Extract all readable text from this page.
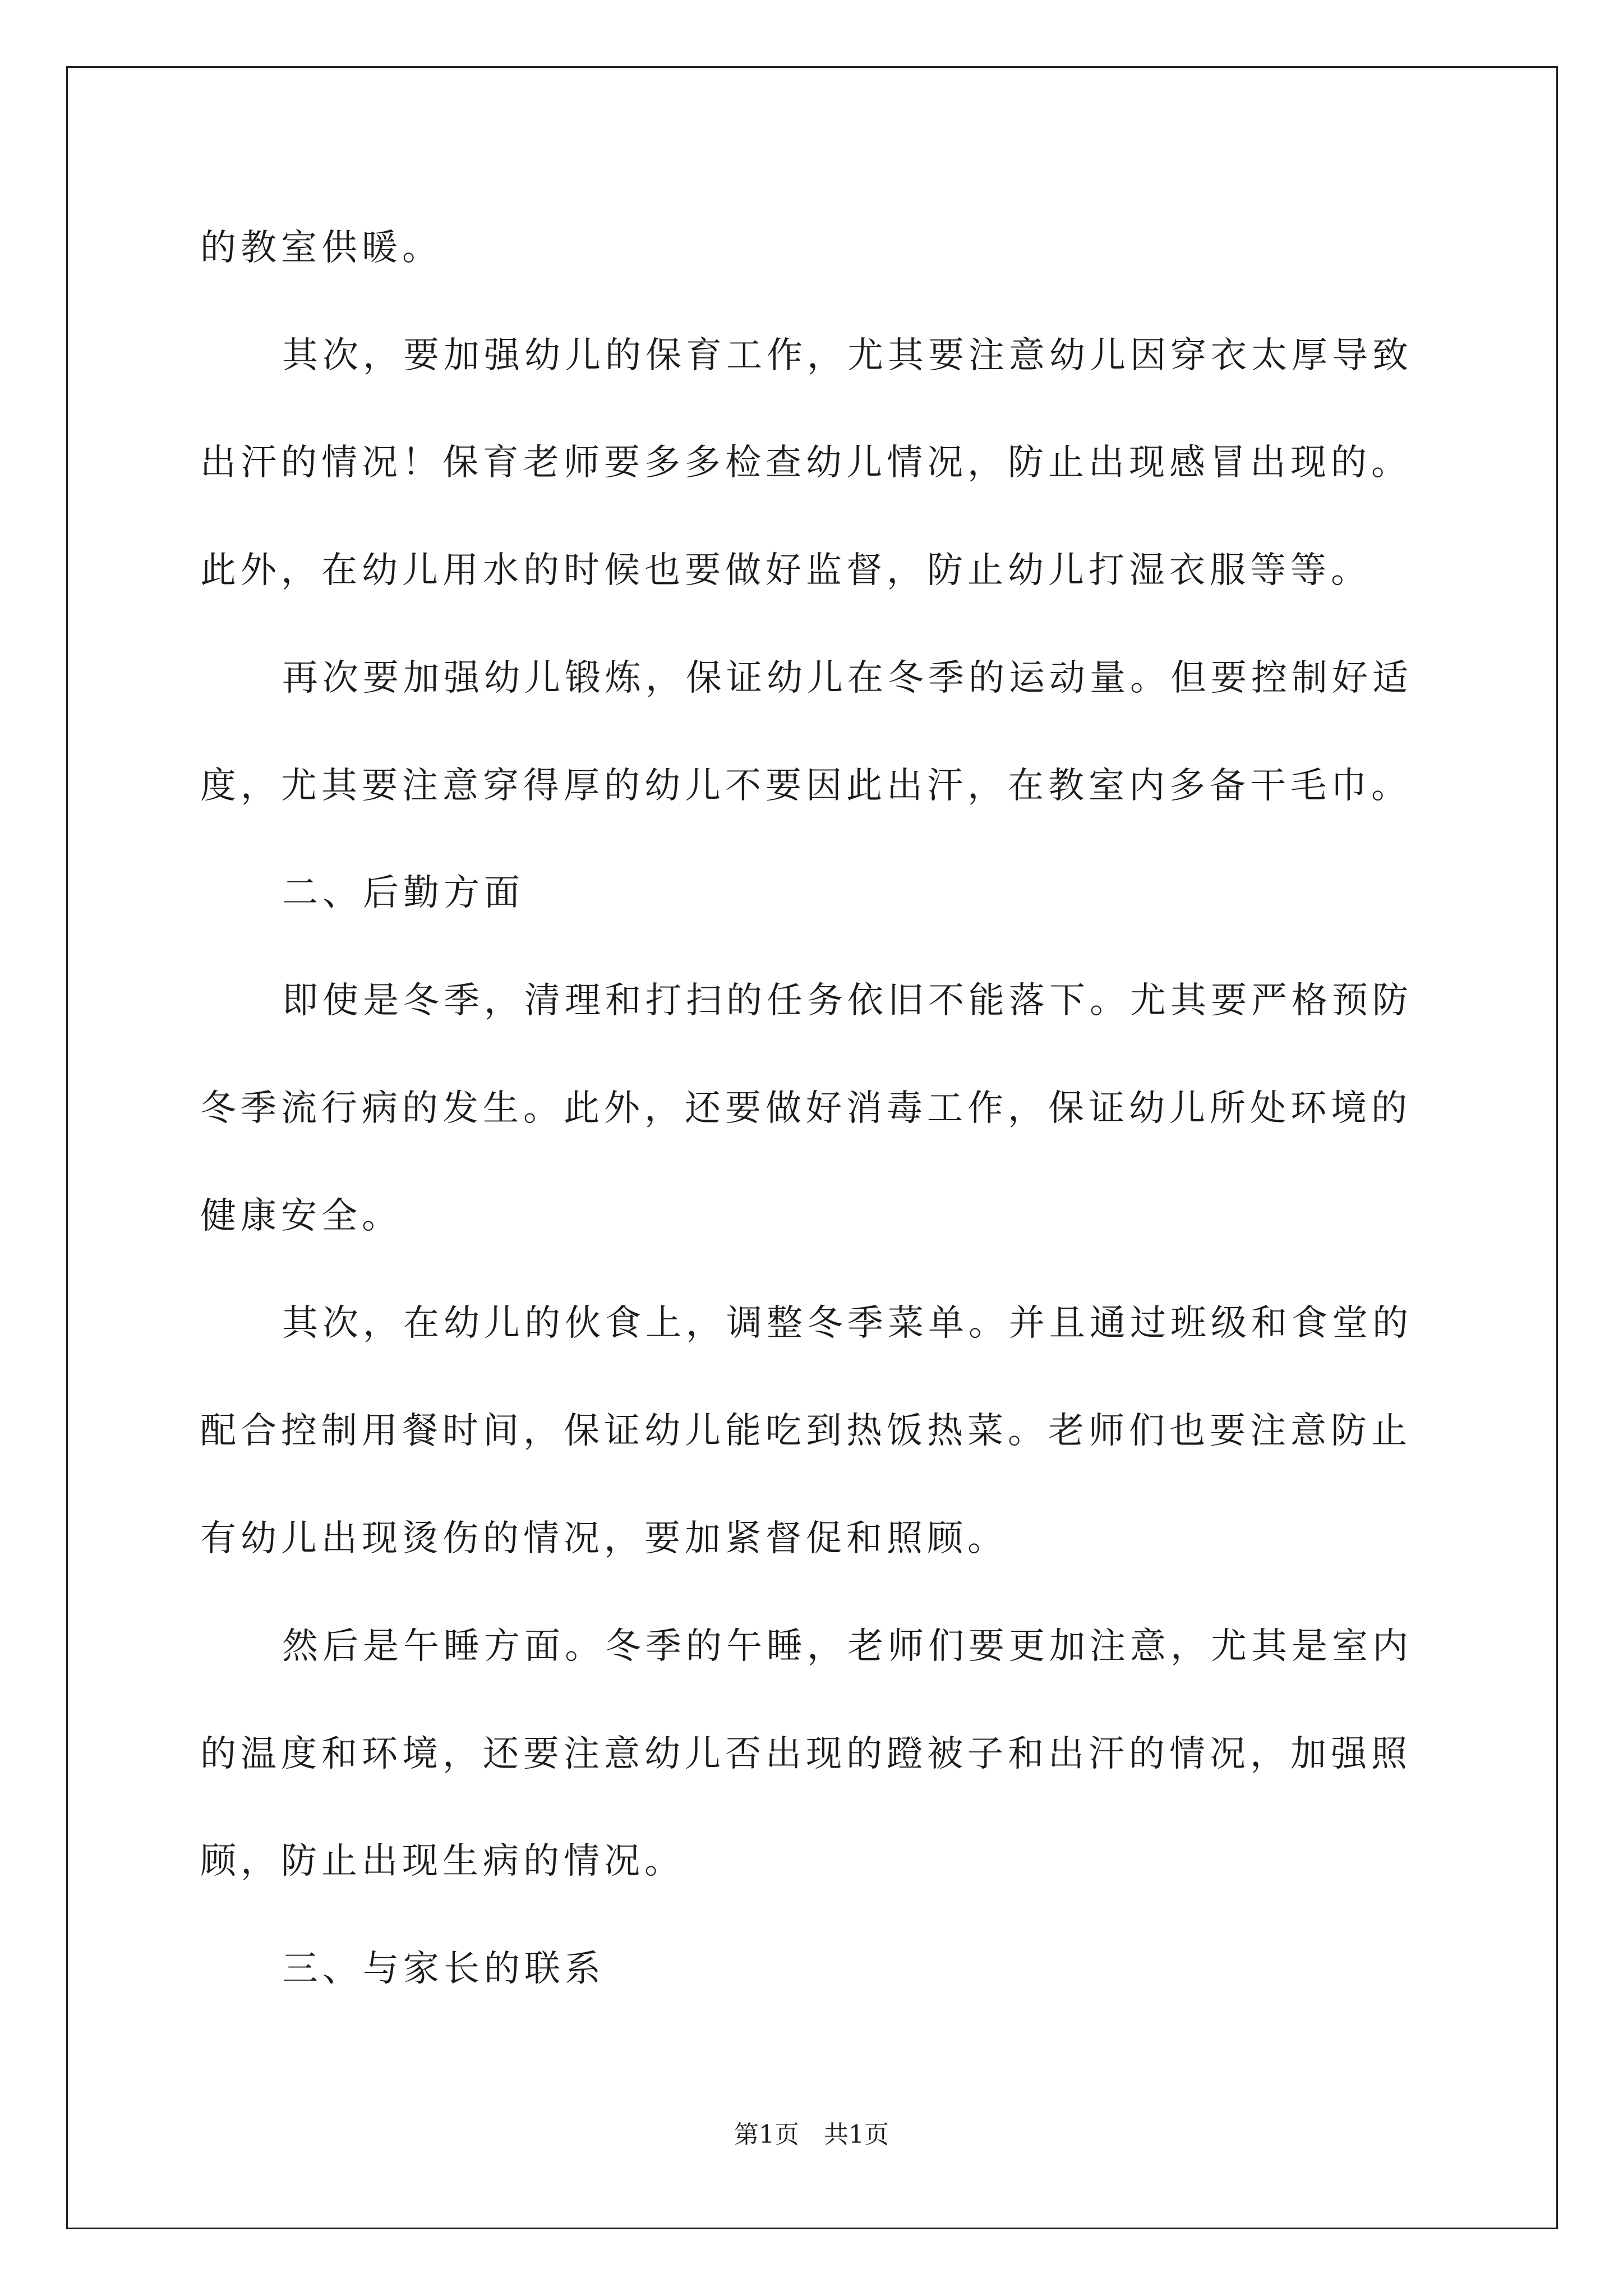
的教室供暖。
其次，要加强幼儿的保育工作，尤其要注意幼儿因穿衣太厚导致
出汗的情况！保育老师要多多检查幼儿情况，防止出现感冒出现的。
此外，在幼儿用水的时候也要做好监督，防止幼儿打湿衣服等等。
再次要加强幼儿锻炼，保证幼儿在冬季的运动量。但要控制好适
度，尤其要注意穿得厚的幼儿不要因此出汗，在教室内多备干毛巾。
二、后勤方面
即使是冬季，清理和打扫的任务依旧不能落下。尤其要严格预防
冬季流行病的发生。此外，还要做好消毒工作，保证幼儿所处环境的
健康安全。
其次，在幼儿的伙食上，调整冬季菜单。并且通过班级和食堂的
配合控制用餐时间，保证幼儿能吃到热饭热菜。老师们也要注意防止
有幼儿出现烫伤的情况，要加紧督促和照顾。
然后是午睡方面。冬季的午睡，老师们要更加注意，尤其是室内
的温度和环境，还要注意幼儿否出现的蹬被子和出汗的情况，加强照
顾，防止出现生病的情况。
三、与家长的联系
第1页　共1页
